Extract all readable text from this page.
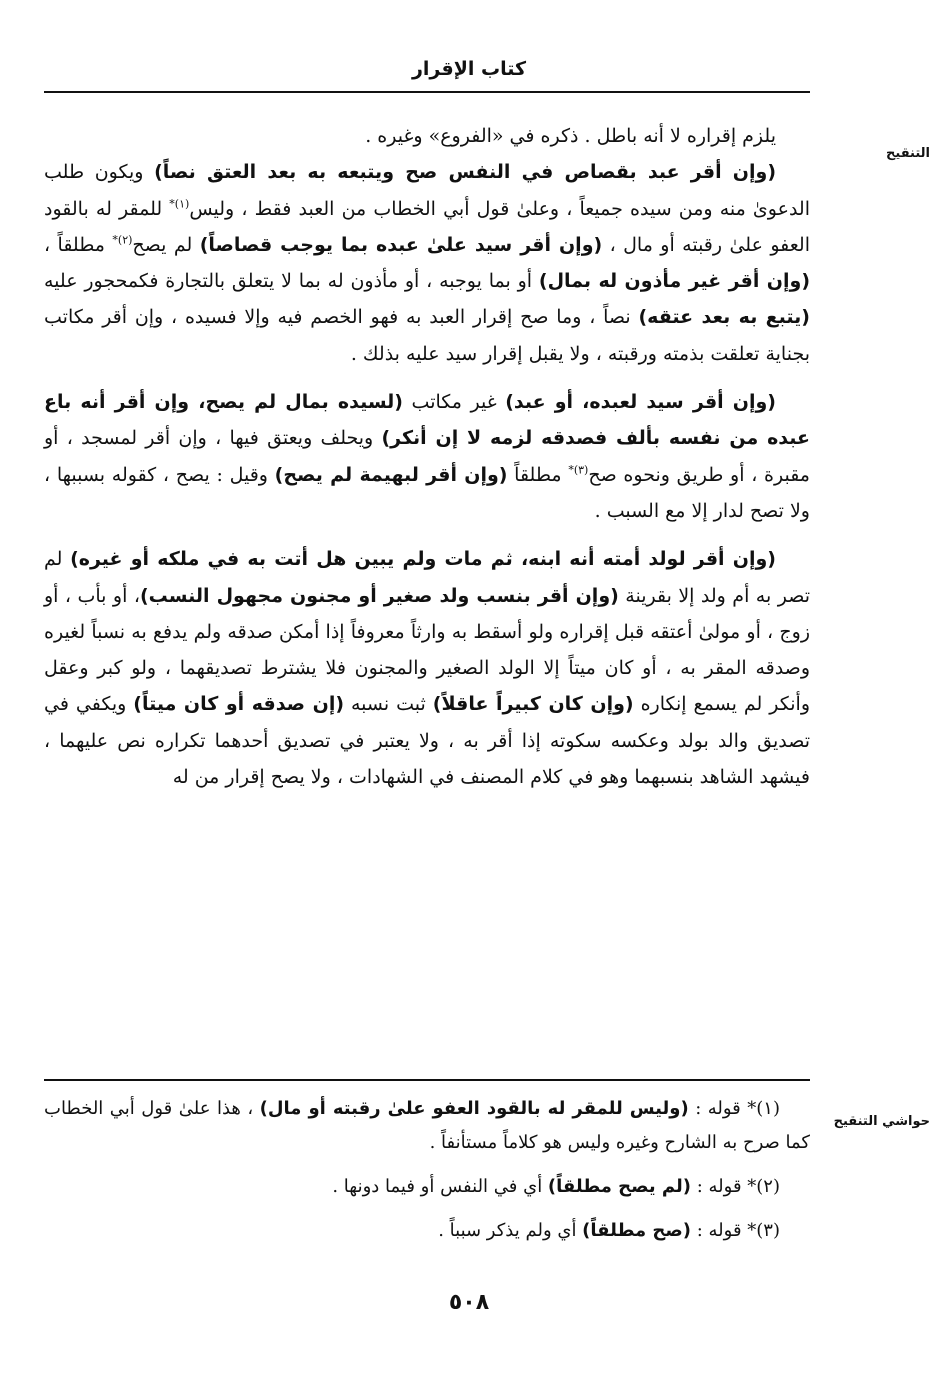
كتاب الإقرار
التنقيح

يلزم إقراره لا أنه باطل . ذكره في «الفروع» وغيره .

(وإن أقر عبد بقصاص في النفس صح ويتبعه به بعد العتق نصاً) ويكون طلب الدعوىٰ منه ومن سيده جميعاً ، وعلىٰ قول أبي الخطاب من العبد فقط ، وليس$^{(١)*}$ للمقر له بالقود العفو علىٰ رقبته أو مال ، (وإن أقر سيد علىٰ عبده بما يوجب قصاصاً) لم يصح$^{(٢)*}$ مطلقاً ، (وإن أقر غير مأذون له بمال) أو بما يوجبه ، أو مأذون له بما لا يتعلق بالتجارة فكمحجور عليه (يتبع به بعد عتقه) نصاً ، وما صح إقرار العبد به فهو الخصم فيه وإلا فسيده ، وإن أقر مكاتب بجناية تعلقت بذمته ورقبته ، ولا يقبل إقرار سيد عليه بذلك .

(وإن أقر سيد لعبده، أو عبد) غير مكاتب (لسيده بمال لم يصح، وإن أقر أنه باع عبده من نفسه بألف فصدقه لزمه لا إن أنكر) ويحلف ويعتق فيها ، وإن أقر لمسجد ، أو مقبرة ، أو طريق ونحوه صح$^{(٣)*}$ مطلقاً (وإن أقر لبهيمة لم يصح) وقيل : يصح ، كقوله بسببها ، ولا تصح لدار إلا مع السبب .

(وإن أقر لولد أمته أنه ابنه، ثم مات ولم يبين هل أتت به في ملكه أو غيره) لم تصر به أم ولد إلا بقرينة (وإن أقر بنسب ولد صغير أو مجنون مجهول النسب)، أو بأب ، أو زوج ، أو مولىٰ أعتقه قبل إقراره ولو أسقط به وارثاً معروفاً إذا أمكن صدقه ولم يدفع به نسباً لغيره وصدقه المقر به ، أو كان ميتاً إلا الولد الصغير والمجنون فلا يشترط تصديقهما ، ولو كبر وعقل وأنكر لم يسمع إنكاره (وإن كان كبيراً عاقلاً) ثبت نسبه (إن صدقه أو كان ميتاً) ويكفي في تصديق والد بولد وعكسه سكوته إذا أقر به ، ولا يعتبر في تصديق أحدهما تكراره نص عليهما ، فيشهد الشاهد بنسبهما وهو في كلام المصنف في الشهادات ، ولا يصح إقرار من له

حواشي التنقيح

(١)* قوله : (وليس للمقر له بالقود العفو علىٰ رقبته أو مال) ، هذا علىٰ قول أبي الخطاب كما صرح به الشارح وغيره وليس هو كلاماً مستأنفاً .

(٢)* قوله : (لم يصح مطلقاً) أي في النفس أو فيما دونها .

(٣)* قوله : (صح مطلقاً) أي ولم يذكر سبباً .

٥٠٨
